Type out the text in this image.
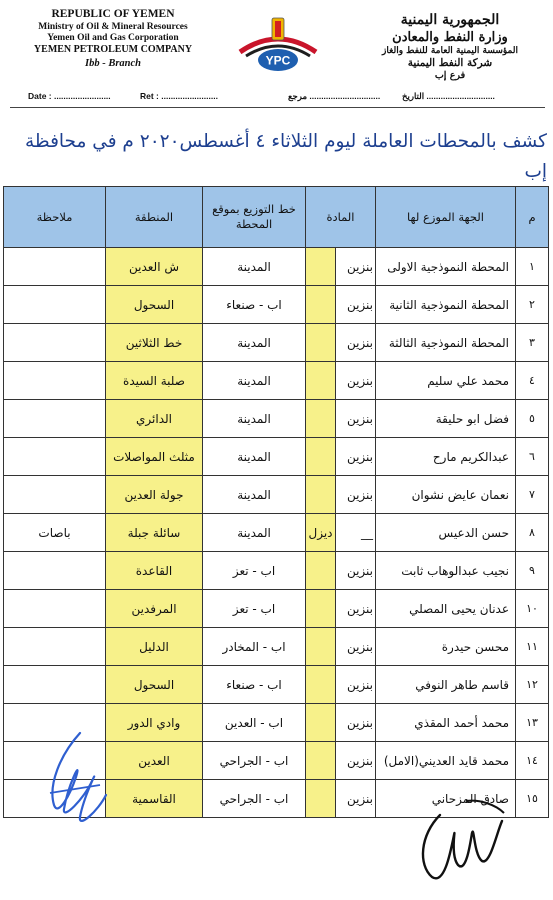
REPUBLIC OF YEMEN
Ministry of Oil & Mineral Resources
Yemen Oil and Gas Corporation
YEMEN PETROLEUM COMPANY
Ibb - Branch	YPC
الجمهورية اليمنية
وزارة النفط والمعادن
المؤسسة اليمنية العامة للنفط والغاز
شركة النفط اليمنية
فرع إب
Date : ........................	Ret : ........................	.............................. مرجع	............................. التاريخ
كشف بالمحطات العاملة ليوم الثلاثاء ٤ أغسطس٢٠٢٠ م في محافظة إب
م	الجهة الموزع لها	المادة		خط التوزيع بموقع المحطة	المنطقة	ملاحظة
١	المحطة النموذجية الاولى	بنزين		المدينة	ش العدين	
٢	المحطة النموذجية الثانية	بنزين		اب - صنعاء	السحول	
٣	المحطة النموذجية الثالثة	بنزين		المدينة	خط الثلاثين	
٤	محمد علي سليم	بنزين		المدينة	صلبة السيدة	
٥	فضل ابو حليقة	بنزين		المدينة	الدائري	
٦	عبدالكريم مارح	بنزين		المدينة	مثلث المواصلات	
٧	نعمان عايض نشوان	بنزين		المدينة	جولة العدين	
٨	حسن الدعيس	__	ديزل	المدينة	سائلة جبلة	باصات
٩	نجيب عبدالوهاب ثابت	بنزين		اب - تعز	القاعدة	
١٠	عدنان يحيى المصلي	بنزين		اب - تعز	المرفدين	
١١	محسن حيدرة	بنزين		اب - المخادر	الدليل	
١٢	قاسم طاهر النوفي	بنزين		اب - صنعاء	السحول	
١٣	محمد أحمد المقذي	بنزين		اب - العدين	وادي الدور	
١٤	محمد قايد العديني(الامل)	بنزين		اب - الجراحي	العدين	
١٥	صادق المزحاني	بنزين		اب - الجراحي	القاسمية	
